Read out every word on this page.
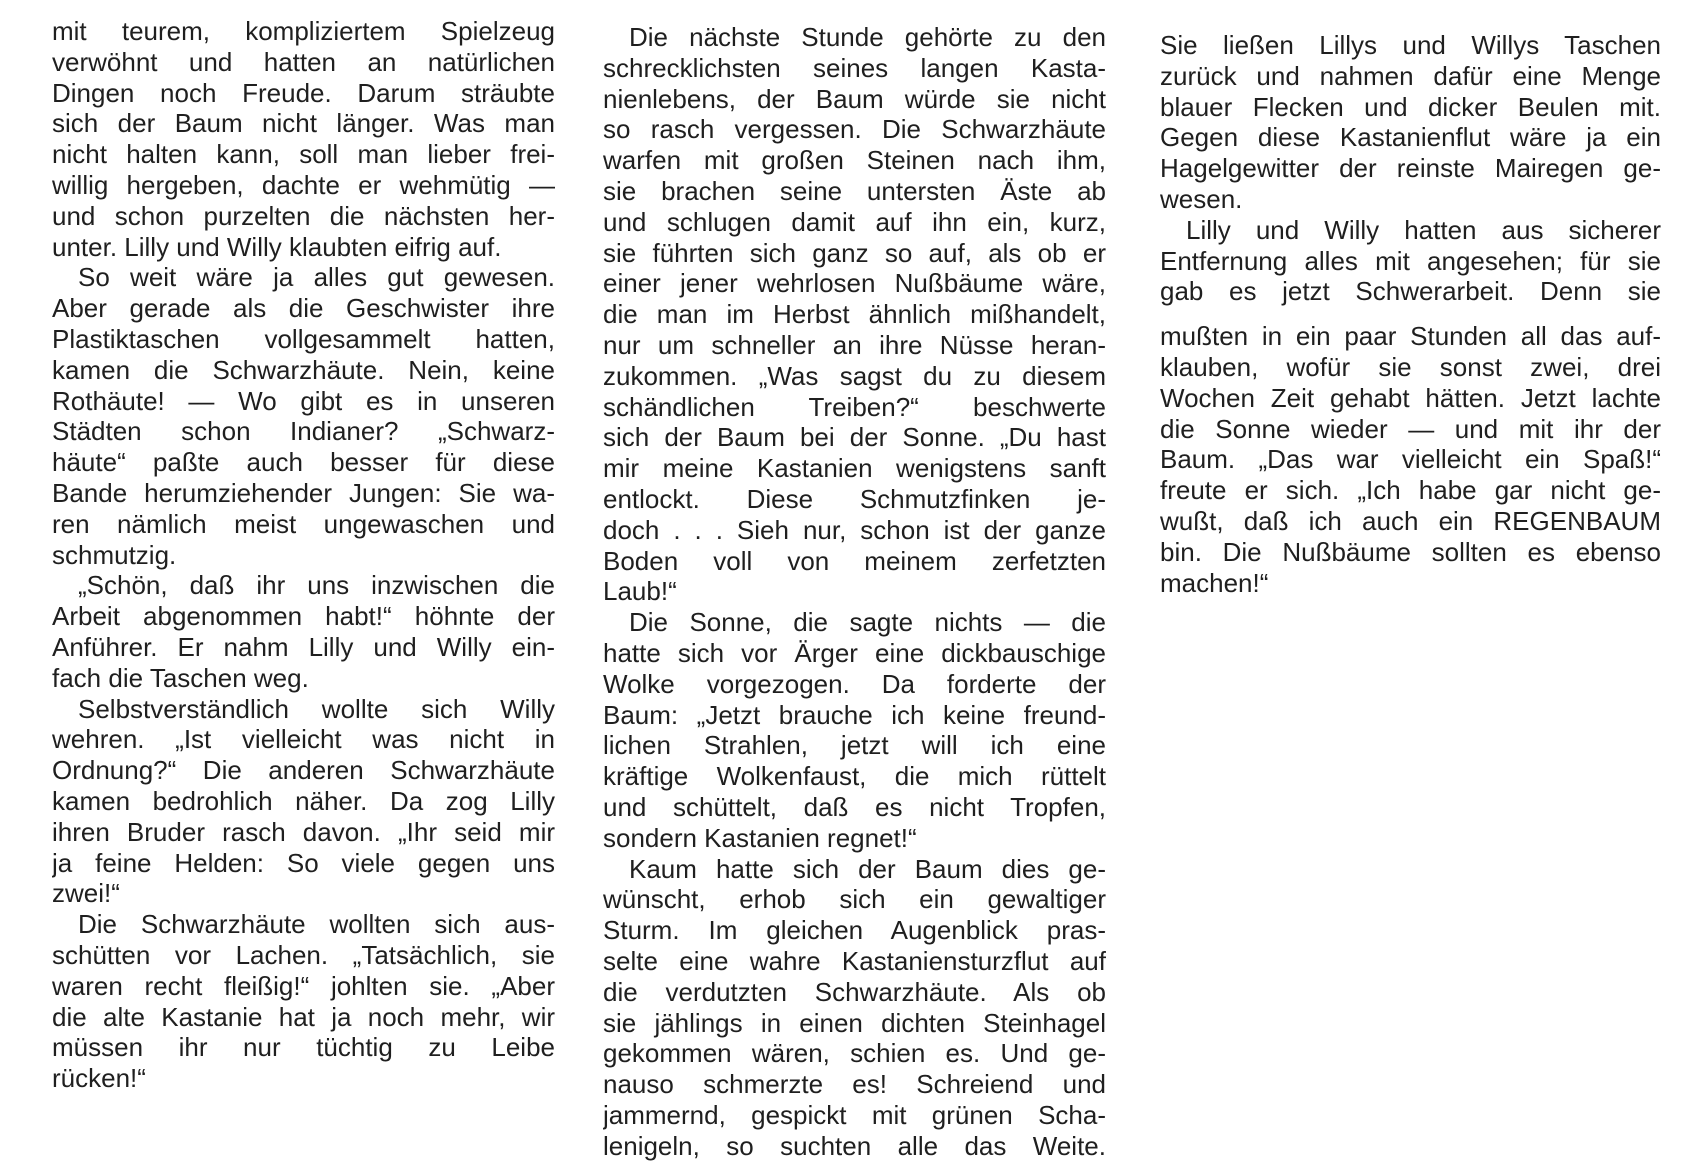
mit teurem, kompliziertem Spielzeug
verwöhnt und hatten an natürlichen
Dingen noch Freude. Darum sträubte
sich der Baum nicht länger. Was man
nicht halten kann, soll man lieber frei-
willig hergeben, dachte er wehmütig —
und schon purzelten die nächsten her-
unter. Lilly und Willy klaubten eifrig auf.
So weit wäre ja alles gut gewesen.
Aber gerade als die Geschwister ihre
Plastiktaschen vollgesammelt hatten,
kamen die Schwarzhäute. Nein, keine
Rothäute! — Wo gibt es in unseren
Städten schon Indianer? „Schwarz-
häute“ paßte auch besser für diese
Bande herumziehender Jungen: Sie wa-
ren nämlich meist ungewaschen und
schmutzig.
„Schön, daß ihr uns inzwischen die
Arbeit abgenommen habt!“ höhnte der
Anführer. Er nahm Lilly und Willy ein-
fach die Taschen weg.
Selbstverständlich wollte sich Willy
wehren. „Ist vielleicht was nicht in
Ordnung?“ Die anderen Schwarzhäute
kamen bedrohlich näher. Da zog Lilly
ihren Bruder rasch davon. „Ihr seid mir
ja feine Helden: So viele gegen uns
zwei!“
Die Schwarzhäute wollten sich aus-
schütten vor Lachen. „Tatsächlich, sie
waren recht fleißig!“ johlten sie. „Aber
die alte Kastanie hat ja noch mehr, wir
müssen ihr nur tüchtig zu Leibe
rücken!“
Die nächste Stunde gehörte zu den
schrecklichsten seines langen Kasta-
nienlebens, der Baum würde sie nicht
so rasch vergessen. Die Schwarzhäute
warfen mit großen Steinen nach ihm,
sie brachen seine untersten Äste ab
und schlugen damit auf ihn ein, kurz,
sie führten sich ganz so auf, als ob er
einer jener wehrlosen Nußbäume wäre,
die man im Herbst ähnlich mißhandelt,
nur um schneller an ihre Nüsse heran-
zukommen. „Was sagst du zu diesem
schändlichen Treiben?“ beschwerte
sich der Baum bei der Sonne. „Du hast
mir meine Kastanien wenigstens sanft
entlockt. Diese Schmutzfinken je-
doch . . . Sieh nur, schon ist der ganze
Boden voll von meinem zerfetzten
Laub!“
Die Sonne, die sagte nichts — die
hatte sich vor Ärger eine dickbauschige
Wolke vorgezogen. Da forderte der
Baum: „Jetzt brauche ich keine freund-
lichen Strahlen, jetzt will ich eine
kräftige Wolkenfaust, die mich rüttelt
und schüttelt, daß es nicht Tropfen,
sondern Kastanien regnet!“
Kaum hatte sich der Baum dies ge-
wünscht, erhob sich ein gewaltiger
Sturm. Im gleichen Augenblick pras-
selte eine wahre Kastaniensturzflut auf
die verdutzten Schwarzhäute. Als ob
sie jählings in einen dichten Steinhagel
gekommen wären, schien es. Und ge-
nauso schmerzte es! Schreiend und
jammernd, gespickt mit grünen Scha-
lenigeln, so suchten alle das Weite.
Sie ließen Lillys und Willys Taschen
zurück und nahmen dafür eine Menge
blauer Flecken und dicker Beulen mit.
Gegen diese Kastanienflut wäre ja ein
Hagelgewitter der reinste Mairegen ge-
wesen.
Lilly und Willy hatten aus sicherer
Entfernung alles mit angesehen; für sie
gab es jetzt Schwerarbeit. Denn sie
mußten in ein paar Stunden all das auf-
klauben, wofür sie sonst zwei, drei
Wochen Zeit gehabt hätten. Jetzt lachte
die Sonne wieder — und mit ihr der
Baum. „Das war vielleicht ein Spaß!“
freute er sich. „Ich habe gar nicht ge-
wußt, daß ich auch ein REGENBAUM
bin. Die Nußbäume sollten es ebenso
machen!“
